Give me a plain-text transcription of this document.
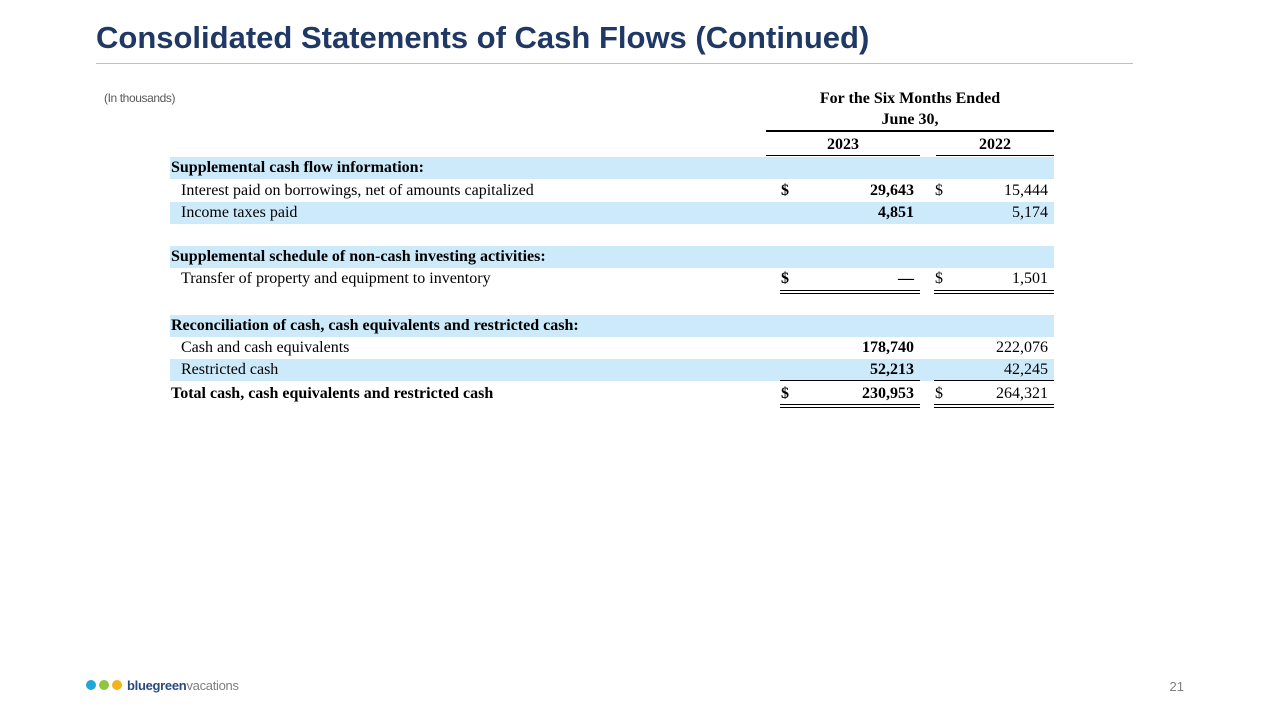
Consolidated Statements of Cash Flows (Continued)
(In thousands)	For the Six Months Ended
June 30,
2023	2022
Supplemental cash flow information:
Interest paid on borrowings, net of amounts capitalized	$	29,643 $	15,444
Income taxes paid	4,851	5,174
Supplemental schedule of non-cash investing activities:
Transfer of property and equipment to inventory	$	— $	1,501
Reconciliation of cash, cash equivalents and restricted cash:
Cash and cash equivalents	178,740	222,076
Restricted cash	52,213	42,245
Total cash, cash equivalents and restricted cash	$	230,953 $	264,321
bluegreenvacations	21
